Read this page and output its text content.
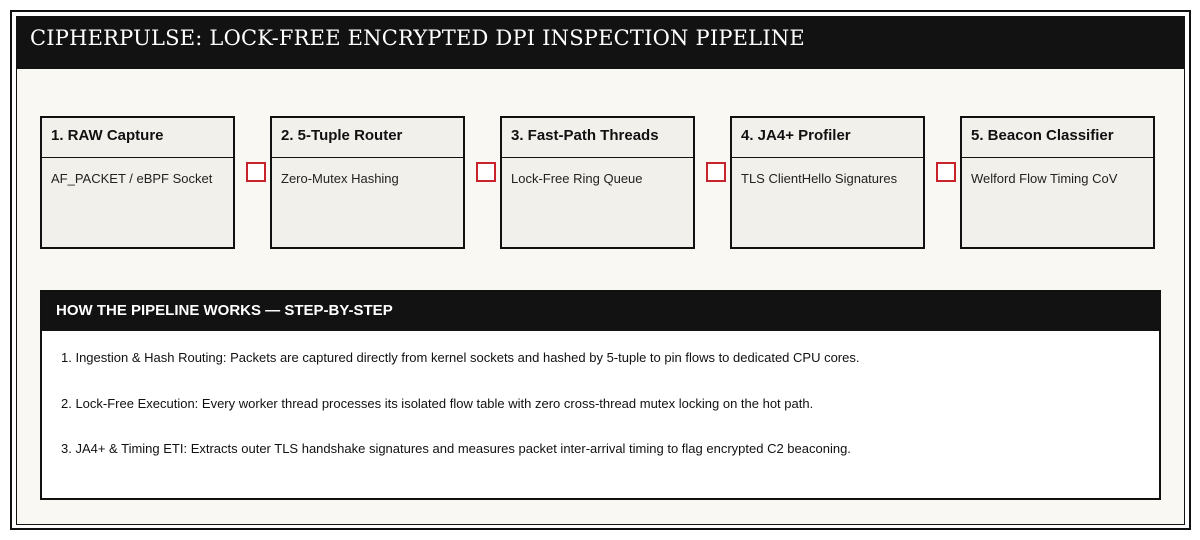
CIPHERPULSE: LOCK-FREE ENCRYPTED DPI INSPECTION PIPELINE
1. RAW Capture
AF_PACKET / eBPF Socket
2. 5-Tuple Router
Zero-Mutex Hashing
3. Fast-Path Threads
Lock-Free Ring Queue
4. JA4+ Profiler
TLS ClientHello Signatures
5. Beacon Classifier
Welford Flow Timing CoV
HOW THE PIPELINE WORKS — STEP-BY-STEP
1. Ingestion & Hash Routing: Packets are captured directly from kernel sockets and hashed by 5-tuple to pin flows to dedicated CPU cores.
2. Lock-Free Execution: Every worker thread processes its isolated flow table with zero cross-thread mutex locking on the hot path.
3. JA4+ & Timing ETI: Extracts outer TLS handshake signatures and measures packet inter-arrival timing to flag encrypted C2 beaconing.
